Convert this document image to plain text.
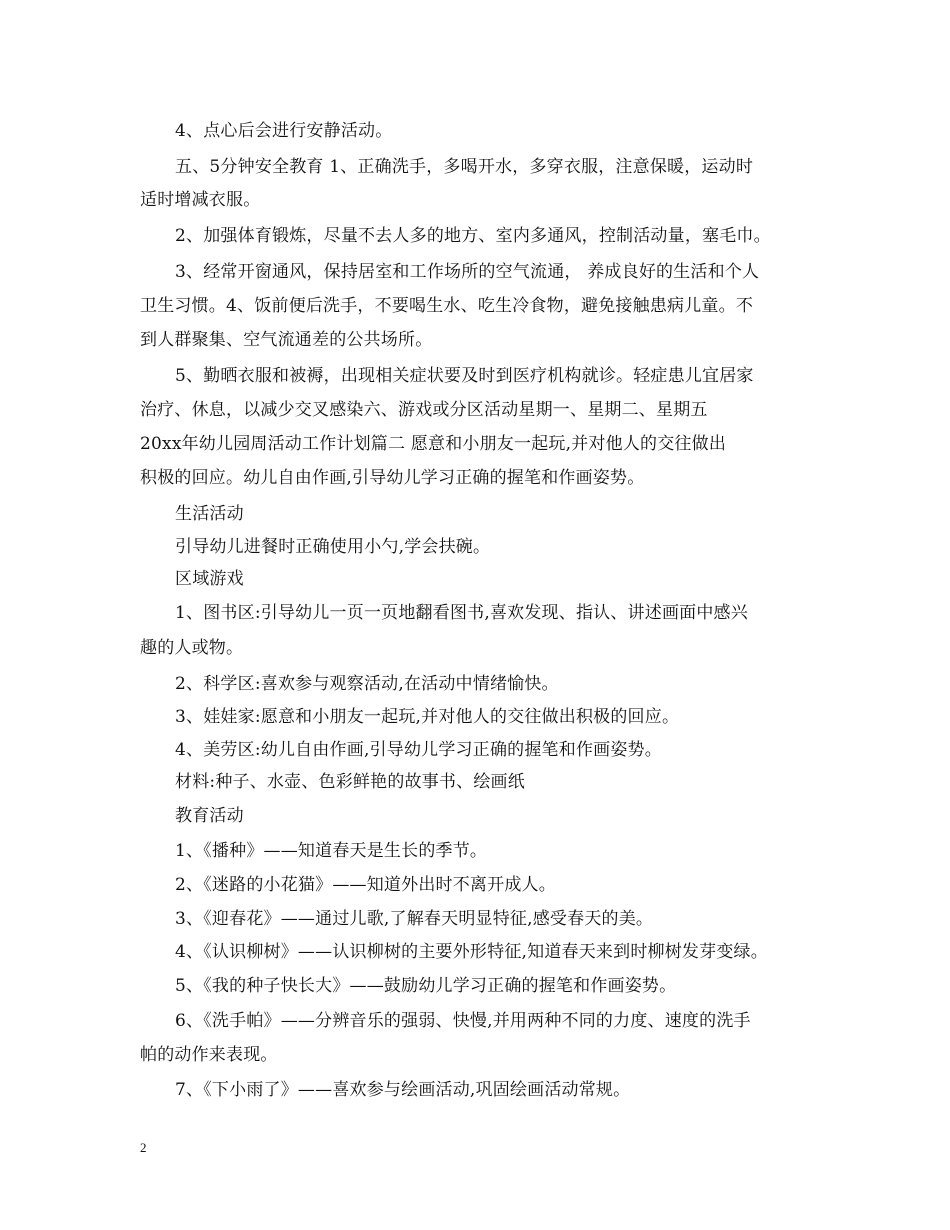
4、点心后会进行安静活动。
五、5分钟安全教育 1、正确洗手，多喝开水，多穿衣服，注意保暖，运动时
适时增减衣服。
2、加强体育锻炼，尽量不去人多的地方、室内多通风，控制活动量，塞毛巾。
3、经常开窗通风，保持居室和工作场所的空气流通， 养成良好的生活和个人
卫生习惯。4、饭前便后洗手，不要喝生水、吃生冷食物，避免接触患病儿童。不
到人群聚集、空气流通差的公共场所。
5、勤晒衣服和被褥，出现相关症状要及时到医疗机构就诊。轻症患儿宜居家
治疗、休息，以减少交叉感染六、游戏或分区活动星期一、星期二、星期五
20xx年幼儿园周活动工作计划篇二 愿意和小朋友一起玩,并对他人的交往做出
积极的回应。幼儿自由作画,引导幼儿学习正确的握笔和作画姿势。
生活活动
引导幼儿进餐时正确使用小勺,学会扶碗。
区域游戏
1、图书区:引导幼儿一页一页地翻看图书,喜欢发现、指认、讲述画面中感兴
趣的人或物。
2、科学区:喜欢参与观察活动,在活动中情绪愉快。
3、娃娃家:愿意和小朋友一起玩,并对他人的交往做出积极的回应。
4、美劳区:幼儿自由作画,引导幼儿学习正确的握笔和作画姿势。
材料:种子、水壶、色彩鲜艳的故事书、绘画纸
教育活动
1、《播种》——知道春天是生长的季节。
2、《迷路的小花猫》——知道外出时不离开成人。
3、《迎春花》——通过儿歌,了解春天明显特征,感受春天的美。
4、《认识柳树》——认识柳树的主要外形特征,知道春天来到时柳树发芽变绿。
5、《我的种子快长大》——鼓励幼儿学习正确的握笔和作画姿势。
6、《洗手帕》——分辨音乐的强弱、快慢,并用两种不同的力度、速度的洗手
帕的动作来表现。
7、《下小雨了》——喜欢参与绘画活动,巩固绘画活动常规。
2
